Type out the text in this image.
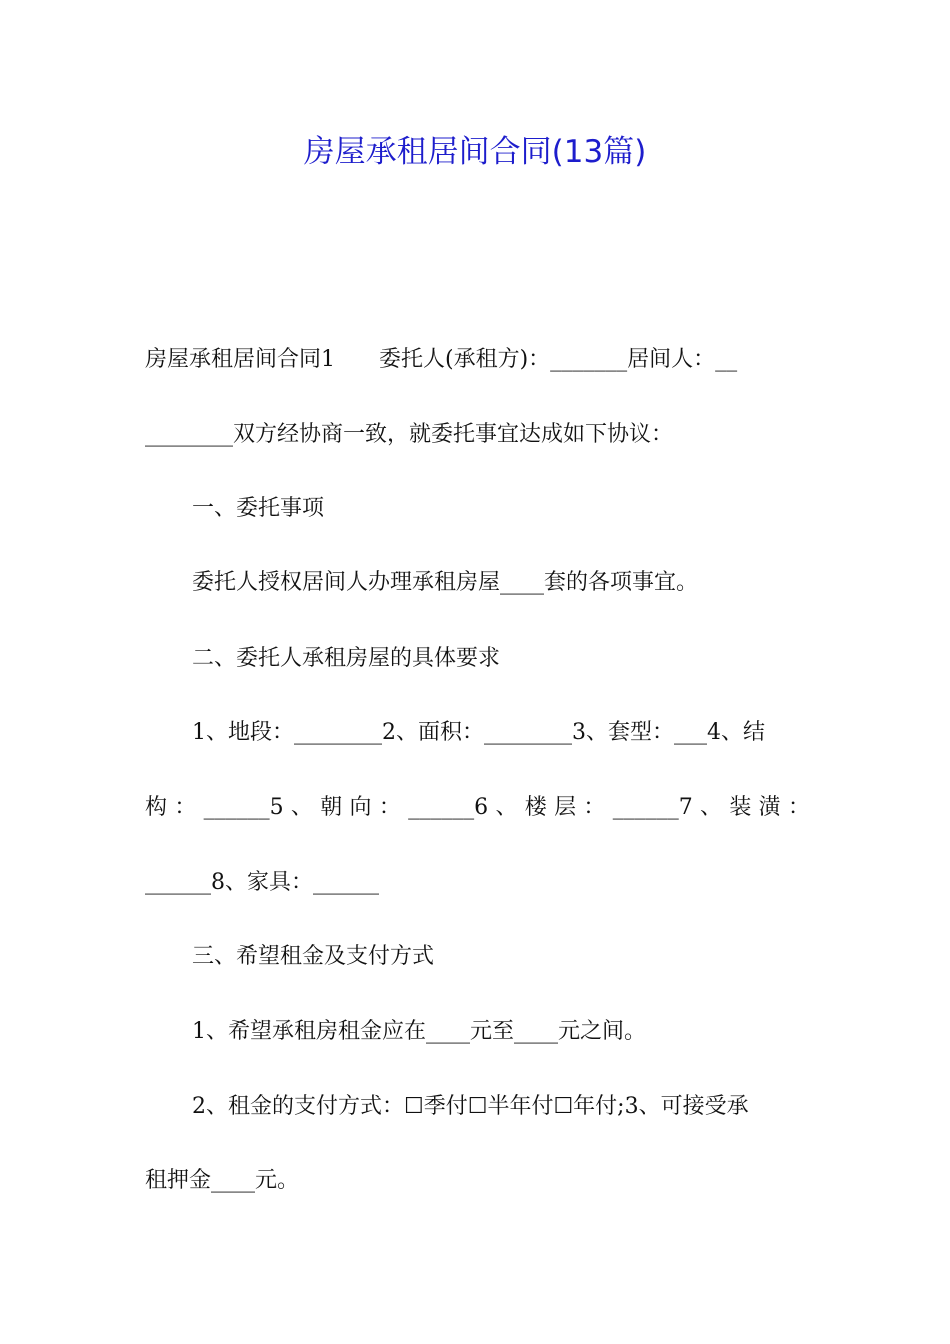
房屋承租居间合同(13篇)
房屋承租居间合同1　　委托人(承租方)：_______居间人：__
________双方经协商一致，就委托事宜达成如下协议：
一、委托事项
委托人授权居间人办理承租房屋____套的各项事宜。
二、委托人承租房屋的具体要求
1、地段：________2、面积：________3、套型：___4、结
构 ： ______5 、 朝 向 ： ______6 、 楼 层 ： ______7 、 装 潢 ：
______8、家具：______
三、希望租金及支付方式
1、希望承租房租金应在____元至____元之间。
2、租金的支付方式：☐季付☐半年付☐年付;3、可接受承
租押金____元。
